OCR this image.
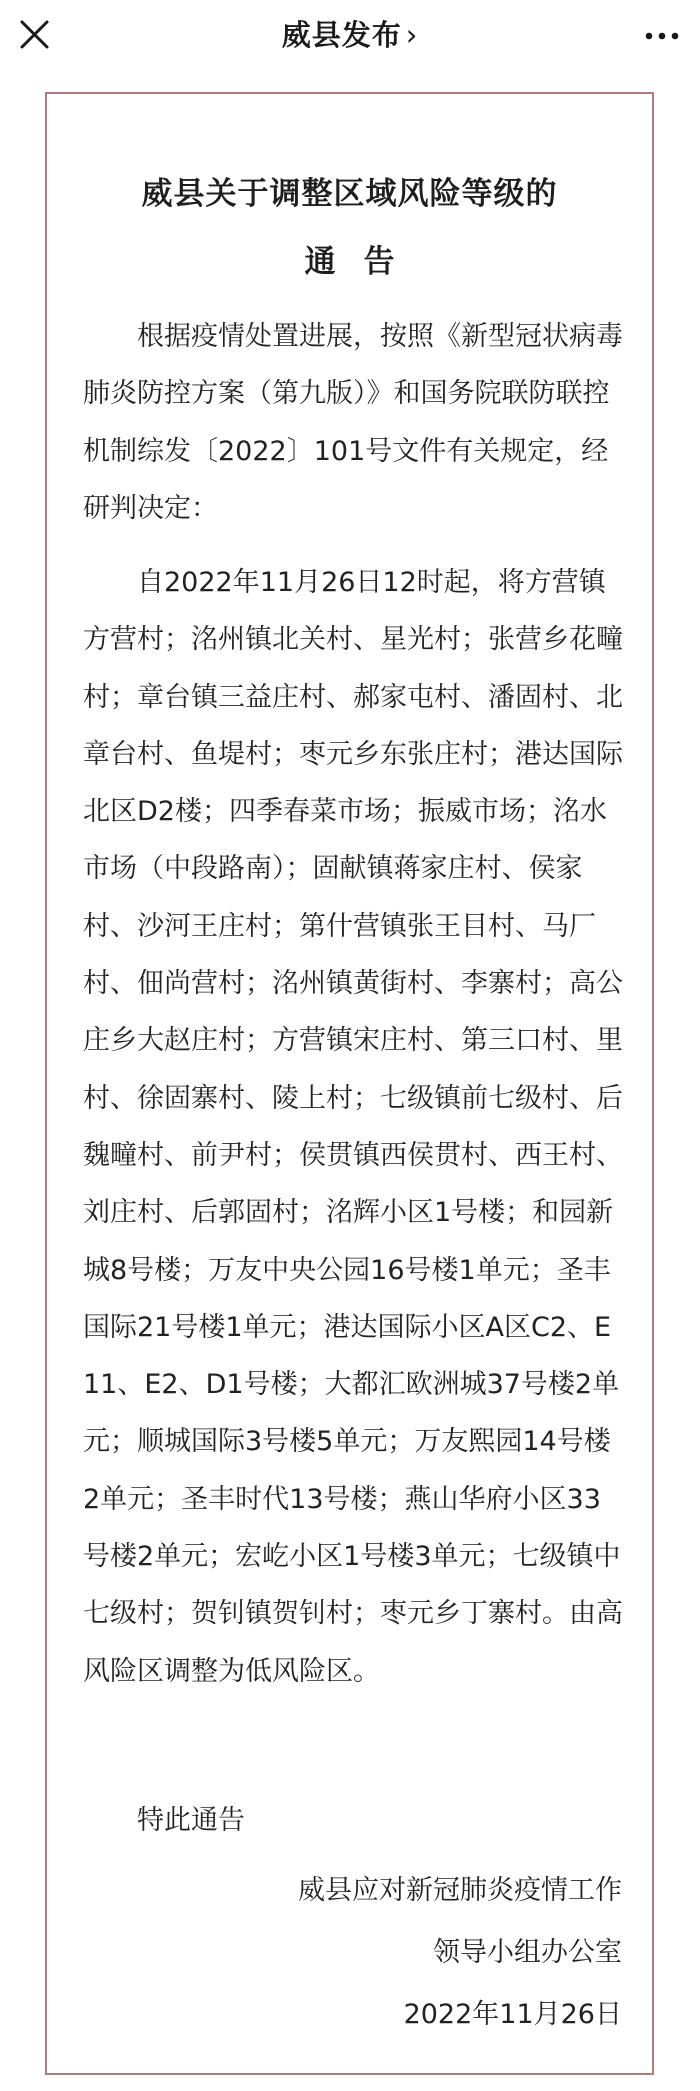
威县发布 ›
威县关于调整区域风险等级的
通告

根据疫情处置进展，按照《新型冠状病毒肺炎防控方案（第九版）》和国务院联防联控机制综发〔2022〕101号文件有关规定，经研判决定：

自2022年11月26日12时起，将方营镇方营村；洺州镇北关村、星光村；张营乡花疃村；章台镇三益庄村、郝家屯村、潘固村、北章台村、鱼堤村；枣元乡东张庄村；港达国际北区D2楼；四季春菜市场；振威市场；洺水市场（中段路南）；固献镇蒋家庄村、侯家村、沙河王庄村；第什营镇张王目村、马厂村、佃尚营村；洺州镇黄街村、李寨村；高公庄乡大赵庄村；方营镇宋庄村、第三口村、里村、徐固寨村、陵上村；七级镇前七级村、后魏疃村、前尹村；侯贯镇西侯贯村、西王村、刘庄村、后郭固村；洺辉小区1号楼；和园新城8号楼；万友中央公园16号楼1单元；圣丰国际21号楼1单元；港达国际小区A区C2、E11、E2、D1号楼；大都汇欧洲城37号楼2单元；顺城国际3号楼5单元；万友熙园14号楼2单元；圣丰时代13号楼；燕山华府小区33号楼2单元；宏屹小区1号楼3单元；七级镇中七级村；贺钊镇贺钊村；枣元乡丁寨村。由高风险区调整为低风险区。

特此通告

威县应对新冠肺炎疫情工作
领导小组办公室
2022年11月26日
